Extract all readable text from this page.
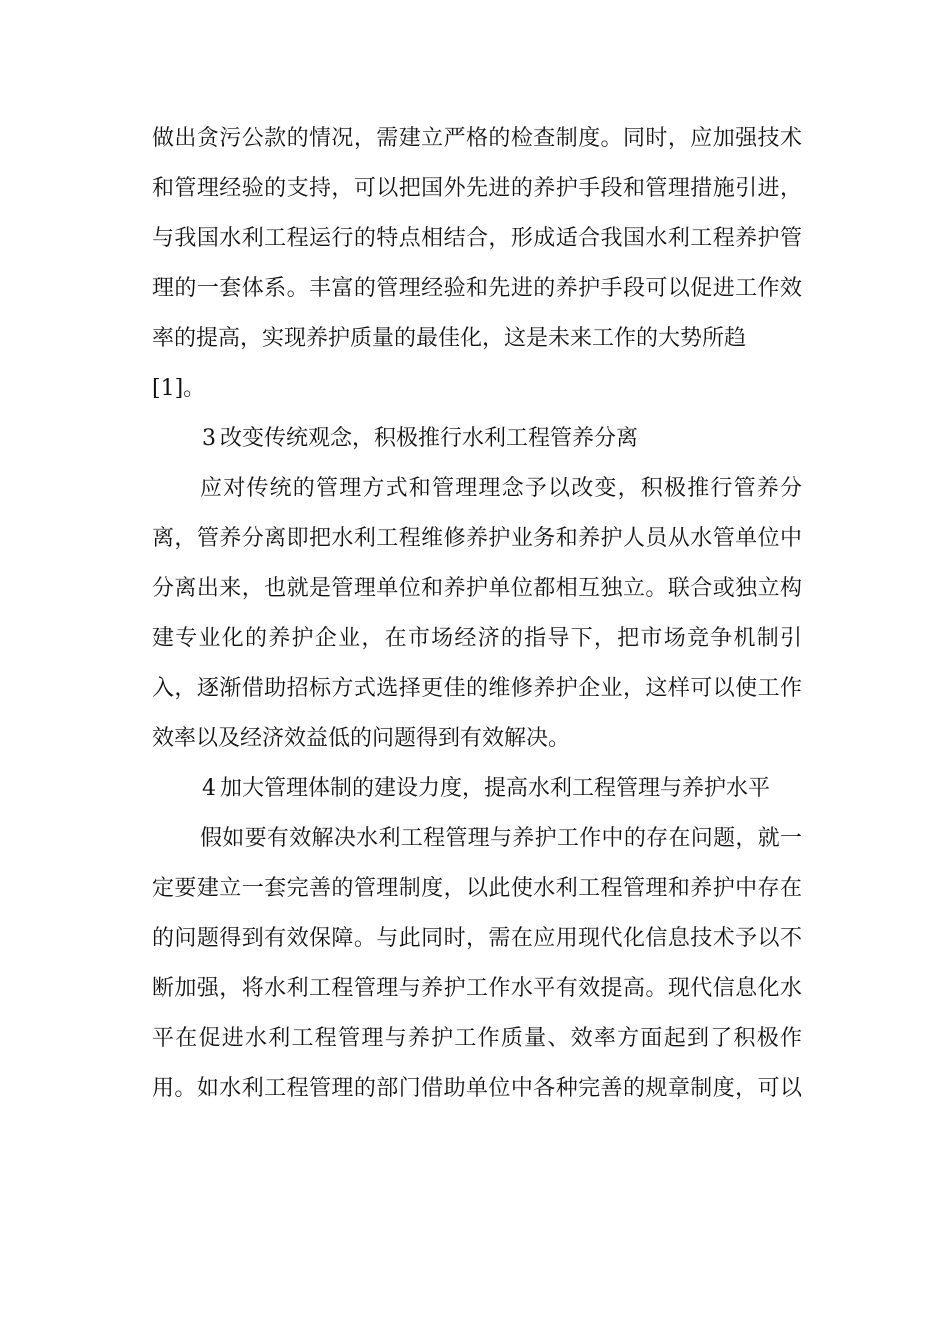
做出贪污公款的情况，需建立严格的检查制度。同时，应加强技术
和管理经验的支持，可以把国外先进的养护手段和管理措施引进，
与我国水利工程运行的特点相结合，形成适合我国水利工程养护管
理的一套体系。丰富的管理经验和先进的养护手段可以促进工作效
率的提高，实现养护质量的最佳化，这是未来工作的大势所趋
[1]。
3 改变传统观念，积极推行水利工程管养分离
应对传统的管理方式和管理理念予以改变，积极推行管养分
离，管养分离即把水利工程维修养护业务和养护人员从水管单位中
分离出来，也就是管理单位和养护单位都相互独立。联合或独立构
建专业化的养护企业，在市场经济的指导下，把市场竞争机制引
入，逐渐借助招标方式选择更佳的维修养护企业，这样可以使工作
效率以及经济效益低的问题得到有效解决。
4 加大管理体制的建设力度，提高水利工程管理与养护水平
假如要有效解决水利工程管理与养护工作中的存在问题，就一
定要建立一套完善的管理制度，以此使水利工程管理和养护中存在
的问题得到有效保障。与此同时，需在应用现代化信息技术予以不
断加强，将水利工程管理与养护工作水平有效提高。现代信息化水
平在促进水利工程管理与养护工作质量、效率方面起到了积极作
用。如水利工程管理的部门借助单位中各种完善的规章制度，可以
